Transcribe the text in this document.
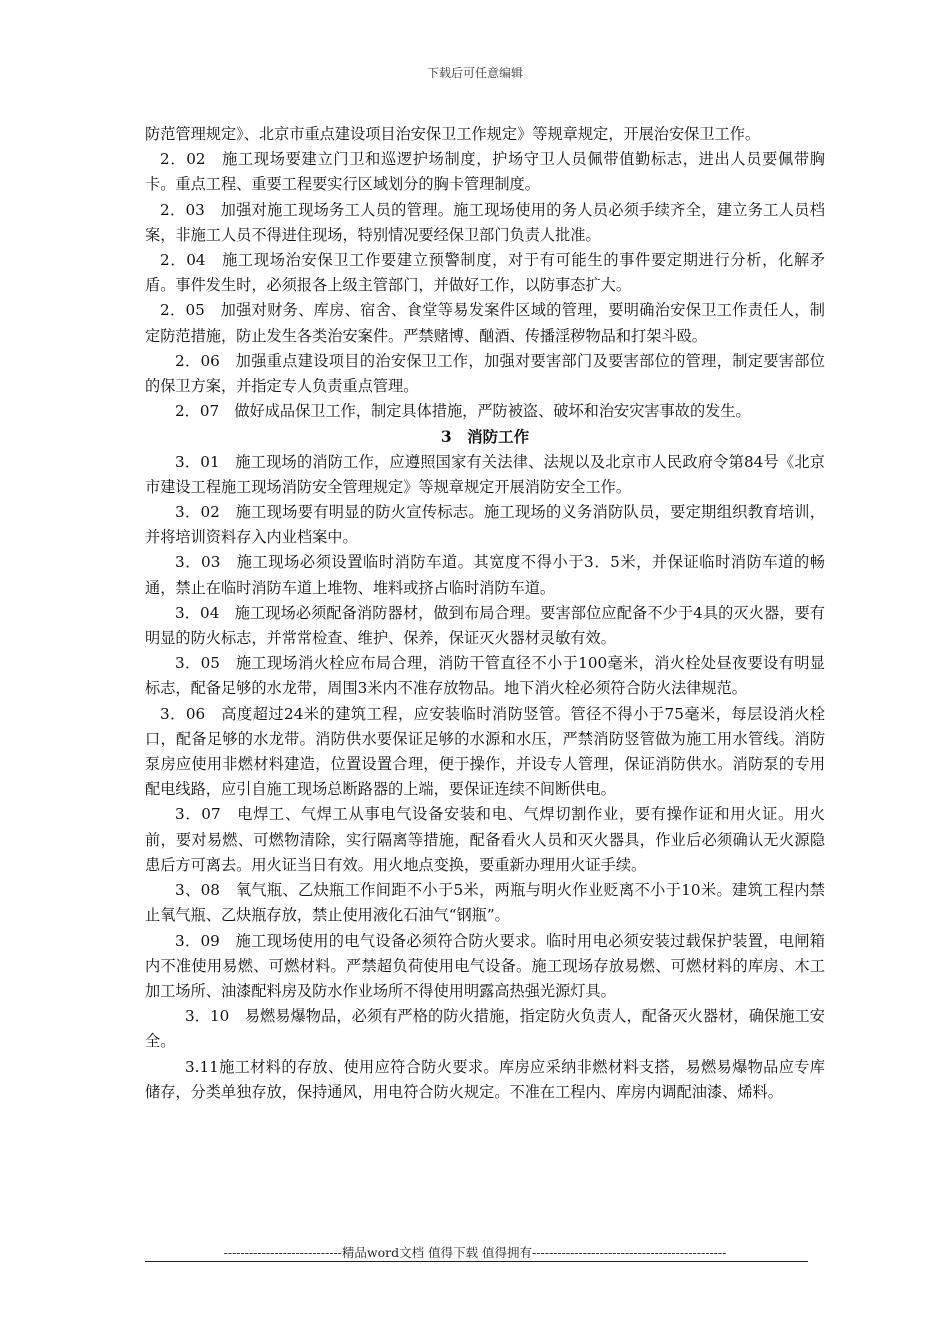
下载后可任意编辑

防范管理规定》、北京市重点建设项目治安保卫工作规定》等规章规定，开展治安保卫工作。

2．02　施工现场要建立门卫和巡逻护场制度，护场守卫人员佩带值勤标志，进出人员要佩带胸卡。重点工程、重要工程要实行区域划分的胸卡管理制度。

2．03　加强对施工现场务工人员的管理。施工现场使用的务人员必须手续齐全，建立务工人员档案，非施工人员不得进住现场，特别情况要经保卫部门负责人批准。

2．04　施工现场治安保卫工作要建立预警制度，对于有可能生的事件要定期进行分析，化解矛盾。事件发生时，必须报各上级主管部门，并做好工作，以防事态扩大。

2．05　加强对财务、库房、宿舍、食堂等易发案件区域的管理，要明确治安保卫工作责任人，制定防范措施，防止发生各类治安案件。严禁赌博、酗酒、传播淫秽物品和打架斗殴。

2．06　加强重点建设项目的治安保卫工作，加强对要害部门及要害部位的管理，制定要害部位的保卫方案，并指定专人负责重点管理。

2．07　做好成品保卫工作，制定具体措施，严防被盗、破坏和治安灾害事故的发生。

3　消防工作

3．01　施工现场的消防工作，应遵照国家有关法律、法规以及北京市人民政府令第84号《北京市建设工程施工现场消防安全管理规定》等规章规定开展消防安全工作。

3．02　施工现场要有明显的防火宣传标志。施工现场的义务消防队员，要定期组织教育培训，并将培训资料存入内业档案中。

3．03　施工现场必须设置临时消防车道。其宽度不得小于3．5米，并保证临时消防车道的畅通，禁止在临时消防车道上堆物、堆料或挤占临时消防车道。

3．04　施工现场必须配备消防器材，做到布局合理。要害部位应配备不少于4具的灭火器，要有明显的防火标志，并常常检查、维护、保养，保证灭火器材灵敏有效。

3．05　施工现场消火栓应布局合理，消防干管直径不小于100毫米，消火栓处昼夜要设有明显标志，配备足够的水龙带，周围3米内不准存放物品。地下消火栓必须符合防火法律规范。

3．06　高度超过24米的建筑工程，应安装临时消防竖管。管径不得小于75毫米，每层设消火栓口，配备足够的水龙带。消防供水要保证足够的水源和水压，严禁消防竖管做为施工用水管线。消防泵房应使用非燃材料建造，位置设置合理，便于操作，并设专人管理，保证消防供水。消防泵的专用配电线路，应引自施工现场总断路器的上端，要保证连续不间断供电。

3．07　电焊工、气焊工从事电气设备安装和电、气焊切割作业，要有操作证和用火证。用火前，要对易燃、可燃物清除，实行隔离等措施，配备看火人员和灭火器具，作业后必须确认无火源隐患后方可离去。用火证当日有效。用火地点变换，要重新办理用火证手续。

3、08　氧气瓶、乙炔瓶工作间距不小于5米，两瓶与明火作业贬离不小于10米。建筑工程内禁止氧气瓶、乙炔瓶存放，禁止使用液化石油气“钢瓶”。

3．09　施工现场使用的电气设备必须符合防火要求。临时用电必须安装过载保护装置，电闸箱内不准使用易燃、可燃材料。严禁超负荷使用电气设备。施工现场存放易燃、可燃材料的库房、木工加工场所、油漆配料房及防水作业场所不得使用明露高热强光源灯具。

3．10　易燃易爆物品，必须有严格的防火措施，指定防火负责人，配备灭火器材，确保施工安全。

3.11施工材料的存放、使用应符合防火要求。库房应采纳非燃材料支搭，易燃易爆物品应专库储存，分类单独存放，保持通风，用电符合防火规定。不准在工程内、库房内调配油漆、烯料。

----------------------------精品word文档 值得下载 值得拥有----------------------------------------------
